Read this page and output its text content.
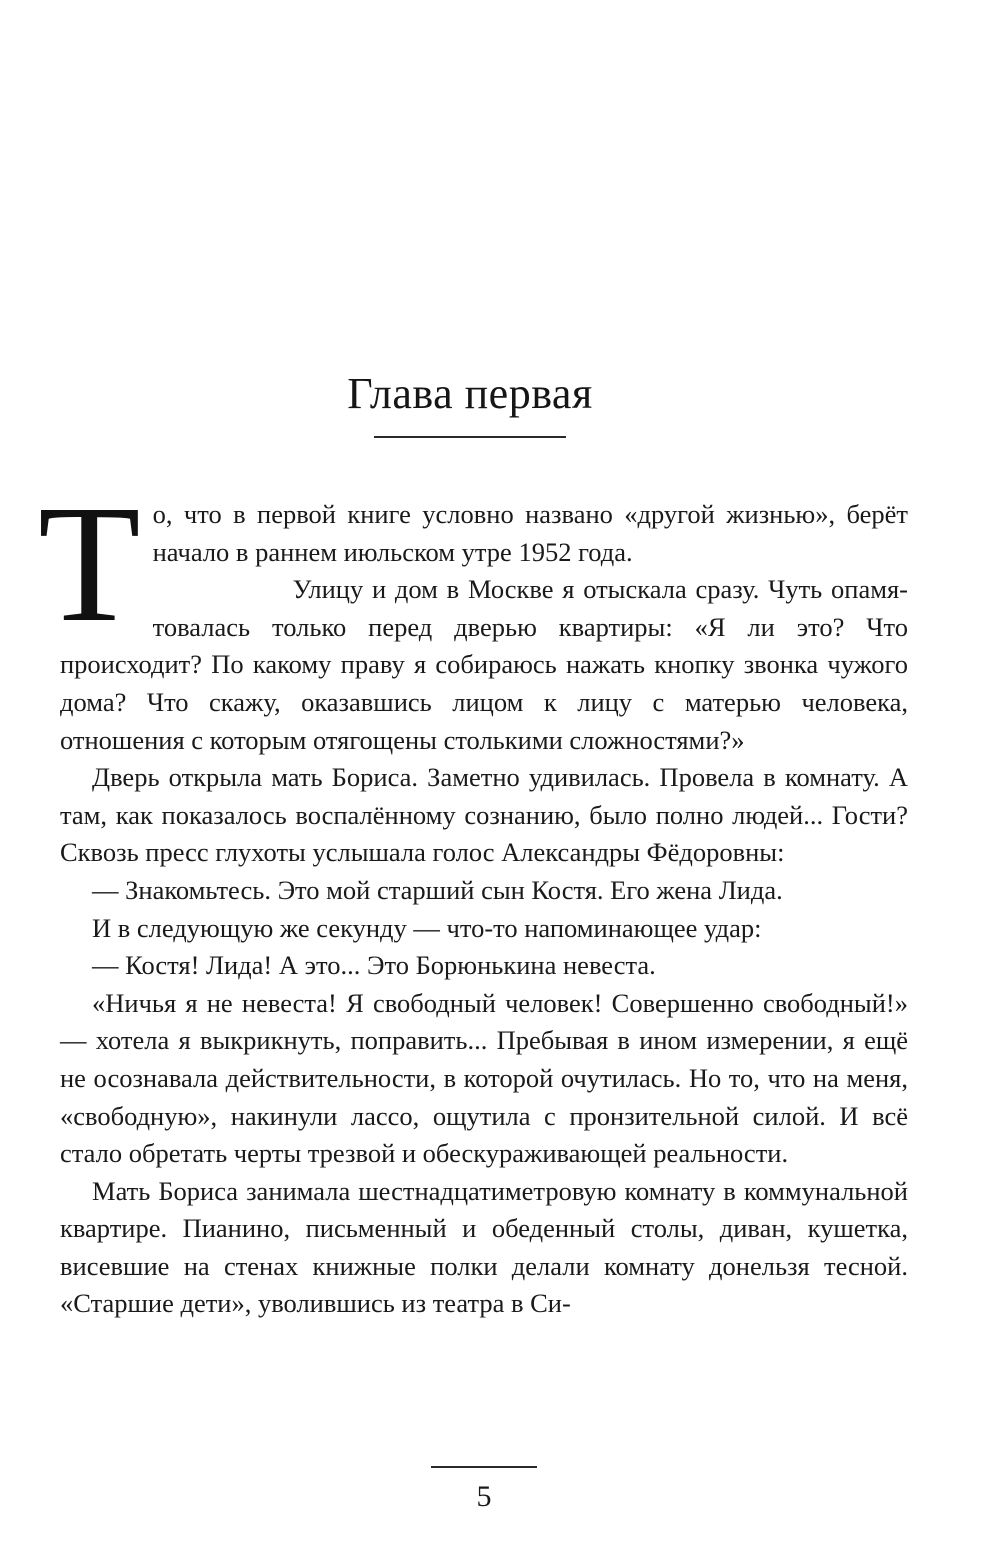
Глава первая

То, что в первой книге условно названо «другой жизнью», берёт начало в раннем июльском утре 1952 года.

Улицу и дом в Москве я отыскала сразу. Чуть опамятовалась только перед дверью квартиры: «Я ли это? Что происходит? По какому праву я собираюсь нажать кнопку звонка чужого дома? Что скажу, оказавшись лицом к лицу с матерью человека, отношения с которым отягощены столькими сложностями?»

Дверь открыла мать Бориса. Заметно удивилась. Провела в комнату. А там, как показалось воспалённому сознанию, было полно людей... Гости? Сквозь пресс глухоты услышала голос Александры Фёдоровны:

— Знакомьтесь. Это мой старший сын Костя. Его жена Лида.

И в следующую же секунду — что-то напоминающее удар:

— Костя! Лида! А это... Это Борюнькина невеста.

«Ничья я не невеста! Я свободный человек! Совершенно свободный!» — хотела я выкрикнуть, поправить... Пребывая в ином измерении, я ещё не осознавала действительности, в которой очутилась. Но то, что на меня, «свободную», накинули лассо, ощутила с пронзительной силой. И всё стало обретать черты трезвой и обескураживающей реальности.

Мать Бориса занимала шестнадцатиметровую комнату в коммунальной квартире. Пианино, письменный и обеденный столы, диван, кушетка, висевшие на стенах книжные полки делали комнату донельзя тесной. «Старшие дети», уволившись из театра в Си-

5
